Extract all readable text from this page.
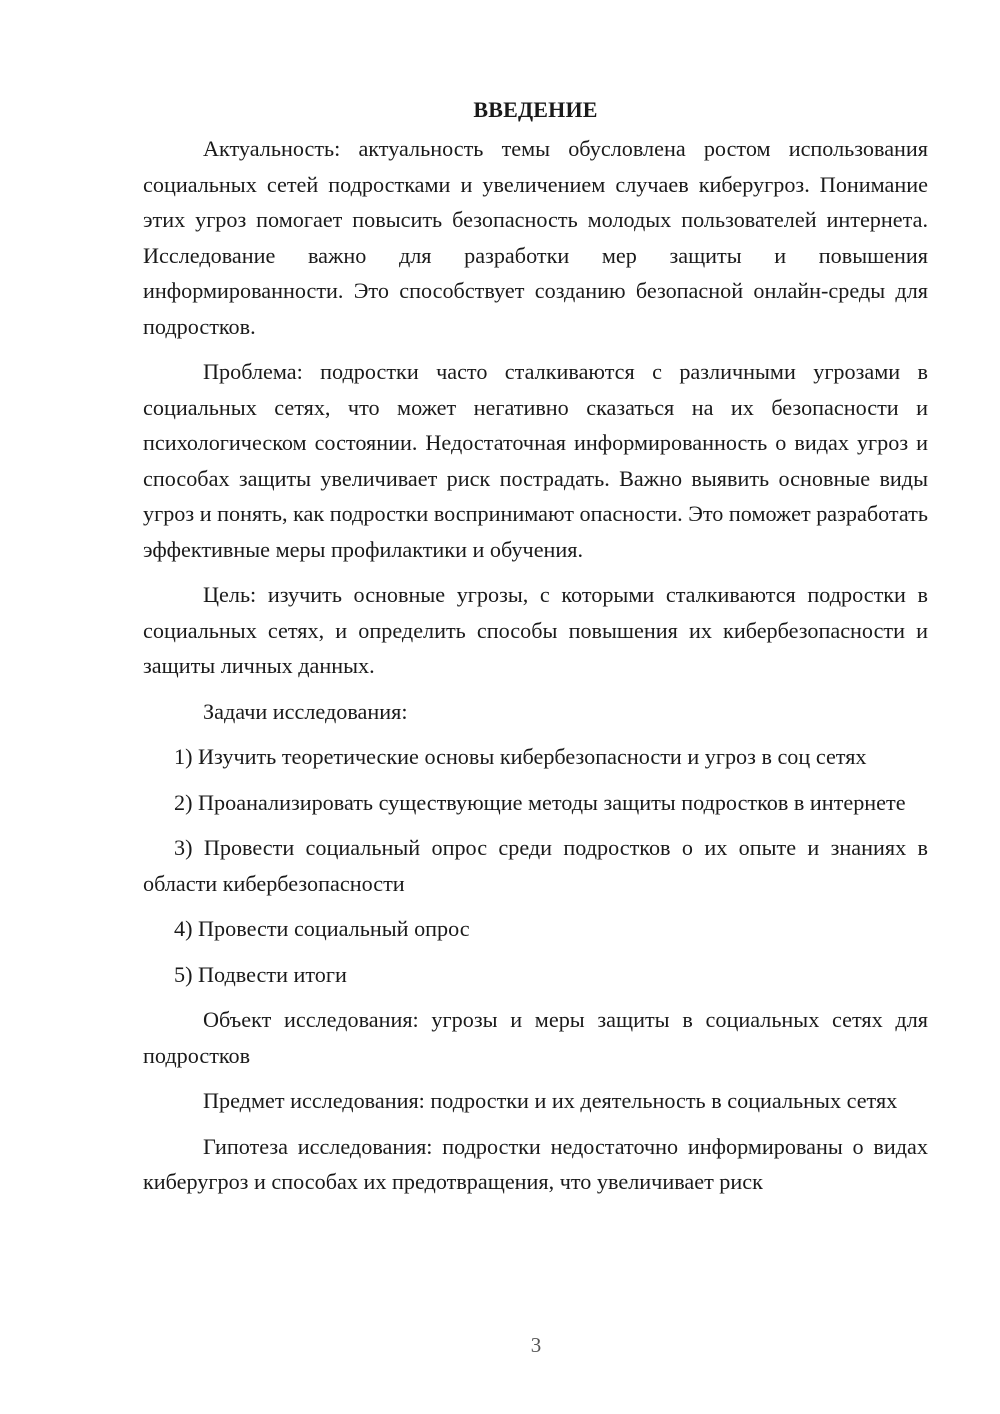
ВВЕДЕНИЕ

Актуальность: актуальность темы обусловлена ростом использования социальных сетей подростками и увеличением случаев киберугроз. Понимание этих угроз помогает повысить безопасность молодых пользователей интернета. Исследование важно для разработки мер защиты и повышения информированности. Это способствует созданию безопасной онлайн-среды для подростков.

Проблема: подростки часто сталкиваются с различными угрозами в социальных сетях, что может негативно сказаться на их безопасности и психологическом состоянии. Недостаточная информированность о видах угроз и способах защиты увеличивает риск пострадать. Важно выявить основные виды угроз и понять, как подростки воспринимают опасности. Это поможет разработать эффективные меры профилактики и обучения.

Цель: изучить основные угрозы, с которыми сталкиваются подростки в социальных сетях, и определить способы повышения их кибербезопасности и защиты личных данных.

Задачи исследования:

1) Изучить теоретические основы кибербезопасности и угроз в соц сетях

2) Проанализировать существующие методы защиты подростков в интернете

3) Провести социальный опрос среди подростков о их опыте и знаниях в области кибербезопасности

4) Провести социальный опрос

5) Подвести итоги

Объект исследования: угрозы и меры защиты в социальных сетях для подростков

Предмет исследования: подростки и их деятельность в социальных сетях

Гипотеза исследования: подростки недостаточно информированы о видах киберугроз и способах их предотвращения, что увеличивает риск

3
